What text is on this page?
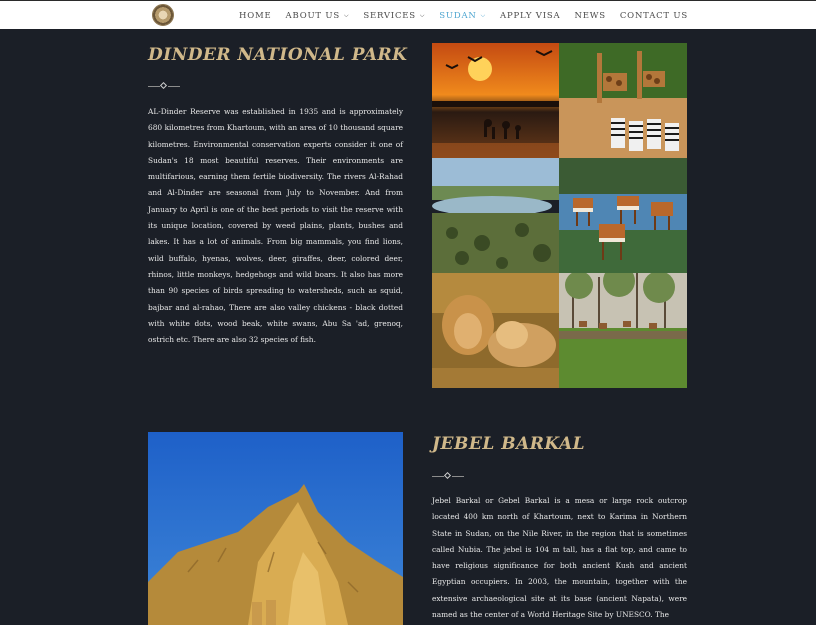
HOME ABOUT US ⌵ SERVICES ⌵ SUDAN ⌵ APPLY VISA NEWS CONTACT US
DINDER NATIONAL PARK

AL-Dinder Reserve was established in 1935 and is approximately 680 kilometres from Khartoum, with an area of 10 thousand square kilometres. Environmental conservation experts consider it one of Sudan's 18 most beautiful reserves. Their environments are multifarious, earning them fertile biodiversity. The rivers Al-Rahad and Al-Dinder are seasonal from July to November. And from January to April is one of the best periods to visit the reserve with its unique location, covered by weed plains, plants, bushes and lakes. It has a lot of animals. From big mammals, you find lions, wild buffalo, hyenas, wolves, deer, giraffes, deer, colored deer, rhinos, little monkeys, hedgehogs and wild boars. It also has more than 90 species of birds spreading to watersheds, such as squid, bajbar and al-rahao, There are also valley chickens - black dotted with white dots, wood beak, white swans, Abu Sa 'ad, grenoq, ostrich etc. There are also 32 species of fish.

JEBEL BARKAL

Jebel Barkal or Gebel Barkal is a mesa or large rock outcrop located 400 km north of Khartoum, next to Karima in Northern State in Sudan, on the Nile River, in the region that is sometimes called Nubia. The jebel is 104 m tall, has a flat top, and came to have religious significance for both ancient Kush and ancient Egyptian occupiers. In 2003, the mountain, together with the extensive archaeological site at its base (ancient Napata), were named as the center of a World Heritage Site by UNESCO. The
